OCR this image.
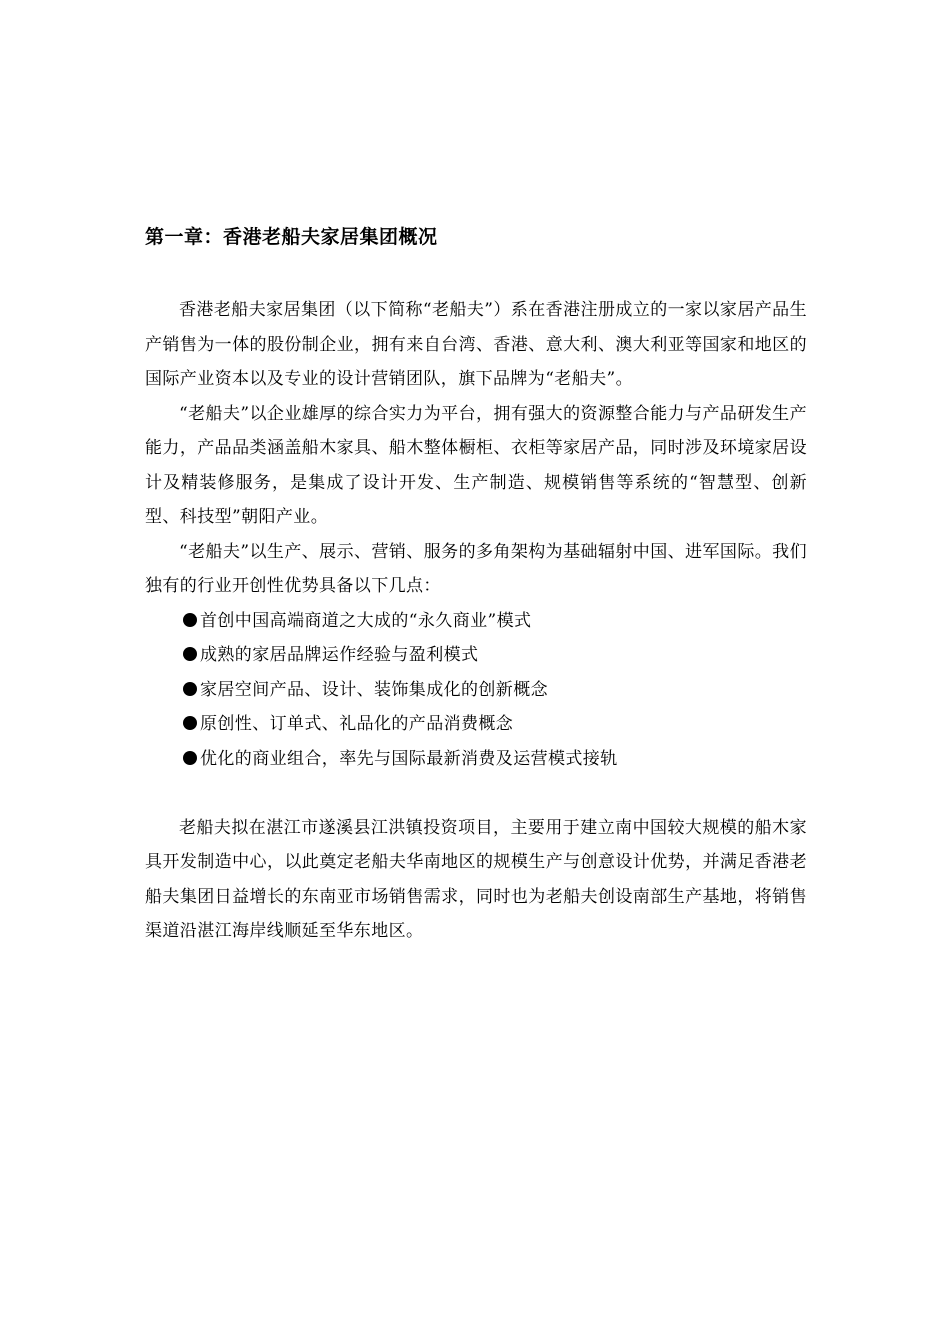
第一章：香港老船夫家居集团概况

香港老船夫家居集团（以下简称“老船夫”）系在香港注册成立的一家以家居产品生产销售为一体的股份制企业，拥有来自台湾、香港、意大利、澳大利亚等国家和地区的国际产业资本以及专业的设计营销团队，旗下品牌为“老船夫”。

“老船夫”以企业雄厚的综合实力为平台，拥有强大的资源整合能力与产品研发生产能力，产品品类涵盖船木家具、船木整体橱柜、衣柜等家居产品，同时涉及环境家居设计及精装修服务，是集成了设计开发、生产制造、规模销售等系统的“智慧型、创新型、科技型”朝阳产业。

“老船夫”以生产、展示、营销、服务的多角架构为基础辐射中国、进军国际。我们独有的行业开创性优势具备以下几点：

首创中国高端商道之大成的“永久商业”模式
成熟的家居品牌运作经验与盈利模式
家居空间产品、设计、装饰集成化的创新概念
原创性、订单式、礼品化的产品消费概念
优化的商业组合，率先与国际最新消费及运营模式接轨

老船夫拟在湛江市遂溪县江洪镇投资项目，主要用于建立南中国较大规模的船木家具开发制造中心，以此奠定老船夫华南地区的规模生产与创意设计优势，并满足香港老船夫集团日益增长的东南亚市场销售需求，同时也为老船夫创设南部生产基地，将销售渠道沿湛江海岸线顺延至华东地区。
